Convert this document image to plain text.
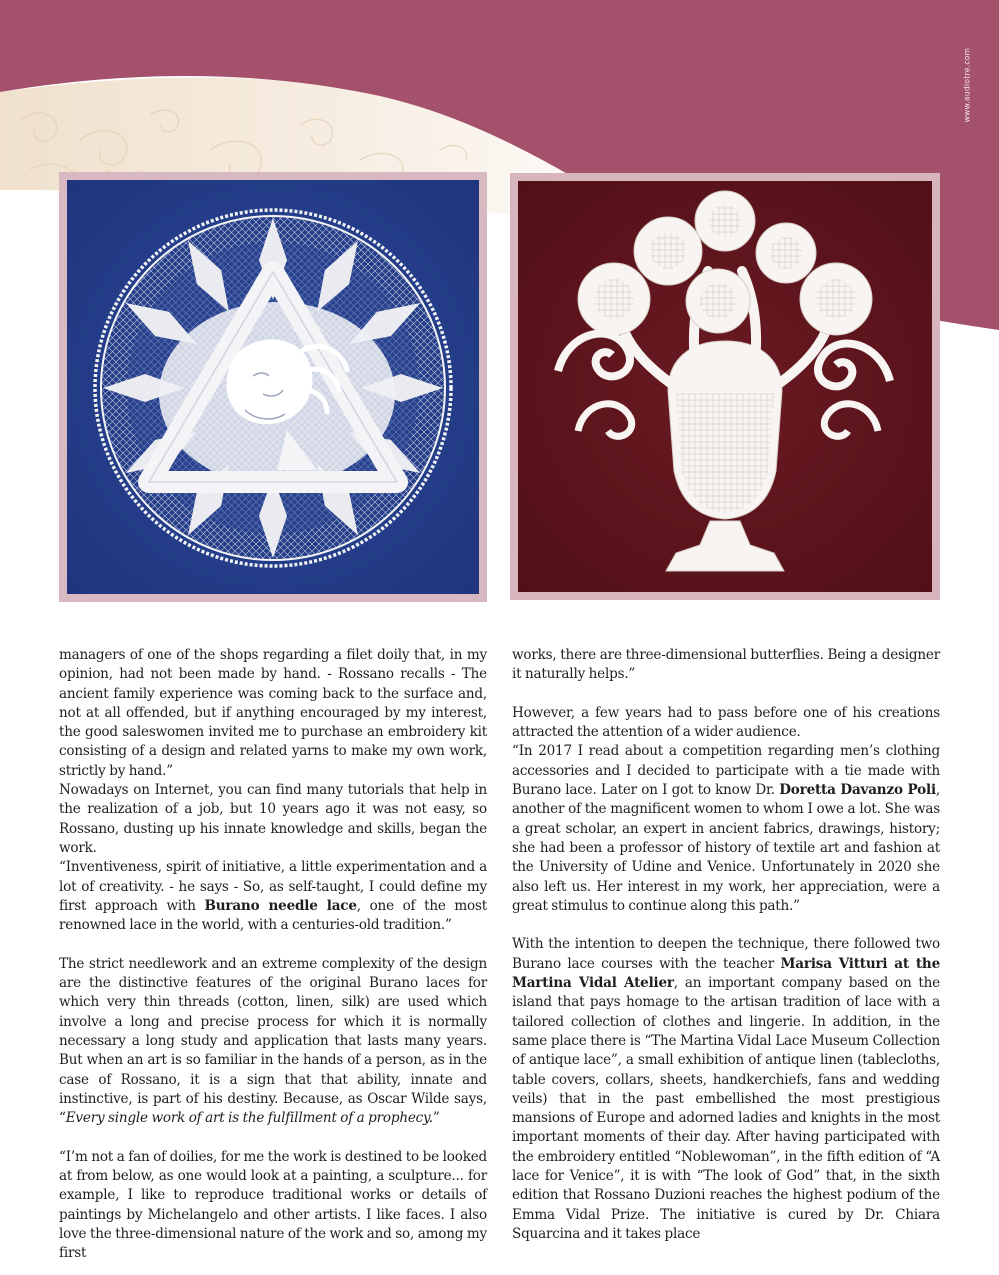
www.audiotre.com

managers of one of the shops regarding a filet doily that, in my opinion, had not been made by hand. - Rossano recalls - The ancient family experience was coming back to the surface and, not at all offended, but if anything encouraged by my interest, the good saleswomen invited me to purchase an embroidery kit consisting of a design and related yarns to make my own work, strictly by hand.”

Nowadays on Internet, you can find many tutorials that help in the realization of a job, but 10 years ago it was not easy, so Rossano, dusting up his innate knowledge and skills, began the work.

“Inventiveness, spirit of initiative, a little experimentation and a lot of creativity. - he says - So, as self-taught, I could define my first approach with Burano needle lace, one of the most renowned lace in the world, with a centuries-old tradition.”

The strict needlework and an extreme complexity of the design are the distinctive features of the original Burano laces for which very thin threads (cotton, linen, silk) are used which involve a long and precise process for which it is normally necessary a long study and application that lasts many years. But when an art is so familiar in the hands of a person, as in the case of Rossano, it is a sign that that ability, innate and instinctive, is part of his destiny. Because, as Oscar Wilde says, “Every single work of art is the fulfillment of a prophecy.”

“I’m not a fan of doilies, for me the work is destined to be looked at from below, as one would look at a painting, a sculpture... for example, I like to reproduce traditional works or details of paintings by Michelangelo and other artists. I like faces. I also love the three-dimensional nature of the work and so, among my first

works, there are three-dimensional butterflies. Being a designer it naturally helps.”

However, a few years had to pass before one of his creations attracted the attention of a wider audience.

“In 2017 I read about a competition regarding men’s clothing accessories and I decided to participate with a tie made with Burano lace. Later on I got to know Dr. Doretta Davanzo Poli, another of the magnificent women to whom I owe a lot. She was a great scholar, an expert in ancient fabrics, drawings, history; she had been a professor of history of textile art and fashion at the University of Udine and Venice. Unfortunately in 2020 she also left us. Her interest in my work, her appreciation, were a great stimulus to continue along this path.”

With the intention to deepen the technique, there followed two Burano lace courses with the teacher Marisa Vitturi at the Martina Vidal Atelier, an important company based on the island that pays homage to the artisan tradition of lace with a tailored collection of clothes and lingerie. In addition, in the same place there is “The Martina Vidal Lace Museum Collection of antique lace”, a small exhibition of antique linen (tablecloths, table covers, collars, sheets, handkerchiefs, fans and wedding veils) that in the past embellished the most prestigious mansions of Europe and adorned ladies and knights in the most important moments of their day. After having participated with the embroidery entitled “Noblewoman”, in the fifth edition of “A lace for Venice”, it is with “The look of God” that, in the sixth edition that Rossano Duzioni reaches the highest podium of the Emma Vidal Prize. The initiative is cured by Dr. Chiara Squarcina and it takes place
